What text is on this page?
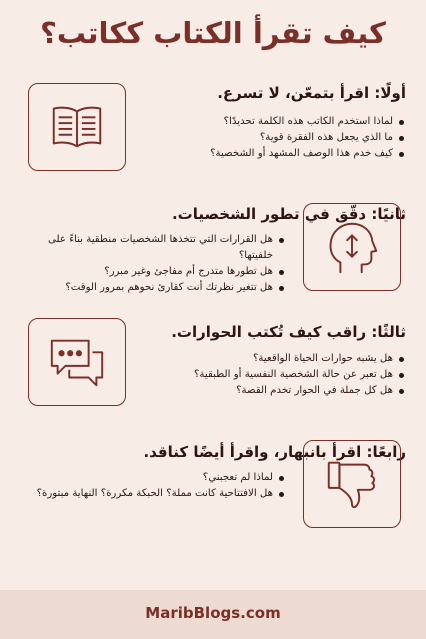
كيف تقرأ الكتاب ككاتب؟
أولًا: اقرأ بتمعّن، لا تسرع.
لماذا استخدم الكاتب هذه الكلمة تحديدًا؟
ما الذي يجعل هذه الفقرة قوية؟
كيف خدم هذا الوصف المشهد أو الشخصية؟
ثانيًا: دقّق في تطور الشخصيات.
هل القرارات التي تتخذها الشخصيات منطقية بناءً على خلفيتها؟
هل تطورها متدرج أم مفاجئ وغير مبرر؟
هل تتغير نظرتك أنت كقارئ نحوهم بمرور الوقت؟
ثالثًا: راقب كيف تُكتب الحوارات.
هل يشبه حوارات الحياة الواقعية؟
هل تعبر عن حالة الشخصية النفسية أو الطبقية؟
هل كل جملة في الحوار تخدم القصة؟
رابعًا: اقرأ بانبهار، واقرأ أيضًا كناقد.
لماذا لم تعجبني؟
هل الافتتاحية كانت مملة؟ الحبكة مكررة؟ النهاية مبتورة؟
MaribBlogs.com
